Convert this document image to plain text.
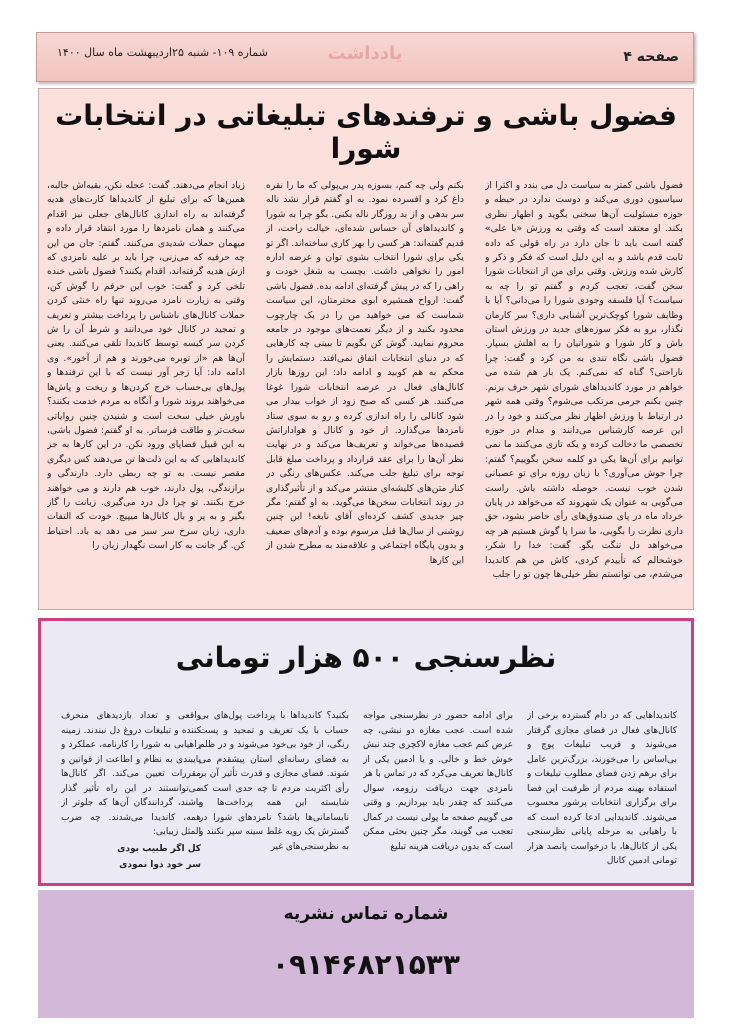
صفحه ۴
یادداشت
شماره ۱۰۹- شنبه ۲۵اردیبهشت ماه سال ۱۴۰۰
فضول باشی و ترفندهای تبلیغاتی در انتخابات شورا

فضول باشی کمتر به سیاست دل می بندد و اکثرا از سیاسیون دوری می‌کند و دوست ندارد در حیطه و حوزه مسئولیت آن‌ها سخنی بگوید و اظهار نظری بکند. او معتقد است که وقتی به ورزش «یا علی» گفته است باید تا جان دارد در راه قولی که داده ثابت قدم باشد و به این دلیل است که فکر و ذکر و کارش شده ورزش. وقتی برای من از انتخابات شورا سخن گفت، تعجب کردم و گفتم تو را چه به سیاست؟ آیا فلسفه وجودی شورا را می‌دانی؟ آیا با وظایف شورا کوچک‌ترین آشنایی داری؟ سر کارمان نگذار، برو به فکر سوزه‌های جدید در ورزش استان باش و کار شورا و شوراتیان را به اهلش بسپار. فضول باشی نگاه تندی به من کرد و گفت: چرا ناراحتی؟ گناه که نمی‌کنم. یک بار هم شده می خواهم در مورد کاندیداهای شورای شهر حرف بزنم. چنین بکنم جرمی مرتکب می‌شوم؟ وقتی همه شهر در ارتباط با ورزش اظهار نظر می‌کنند و خود را در این عرصه کارشناس می‌دانند و مدام در حوزه تخصصی ما دخالت کرده و یکه تازی می‌کنند ما نمی توانیم برای آن‌ها یکی دو کلمه سخن بگوییم؟ گفتم: چرا جوش می‌آوری؟ با زبان روزه برای تو عصبانی شدن خوب نیست. حوصله داشته باش. راست می‌گویی به عنوان یک شهروند که می‌خواهد در پایان خرداد ماه در پای صندوق‌های رأی حاضر بشود، حق داری نظرت را بگویی، ما سرا پا گوش هستیم هر چه می‌خواهد دل تنگت بگو. گفت: خدا را شکر، خوشحالم که تأییدم کردی، کاش من هم کاندیدا می‌شدم، می توانستم نظر خیلی‌ها چون تو را جلب

بکنم ولی چه کنم، بسوزه پدر بی‌پولی که ما را نقره داغ کرد و افسرده نمود. به او گفتم قرار نشد ناله سر بدهی و از بد روزگار ناله بکنی. بگو چرا به شورا و کاندیداهای آن حساس شده‌ای، خیالت راحت، از قدیم گفته‌اند: هر کسی را بهر کاری ساخته‌اند. اگر تو یکی برای شورا انتخاب بشوی توان و عرضه اداره امور را نخواهی داشت. بچسب به شغل خودت و راهی را که در پیش گرفته‌ای ادامه بده. فضول باشی گفت: ارواح همشیره ابوی محترمتان، این سیاست شماست که می خواهید من را در یک چارچوب محدود بکنید و از دیگر نعمت‌های موجود در جامعه محروم نمایید. گوش کن بگویم تا ببینی چه کارهایی که در دنیای انتخابات اتفاق نمی‌افتد. دستمایش را محکم به هم کوبید و ادامه داد: این روزها بازار کانال‌های فعال در عرصه انتخابات شورا غوغا می‌کنند. هر کسی که صبح زود از خواب بیدار می شود کانالی را راه اندازی کرده و رو به سوی ستاد نامزدها می‌گذارد. از خود و کانال و هواداراتش قصیده‌ها می‌خواند و تعریف‌ها می‌کند و در نهایت نظر آن‌ها را برای عقد قرارداد و پرداخت مبلغ قابل توجه برای تبلیغ جلب می‌کند. عکس‌های رنگی در کنار متن‌های کلیشه‌ای منتشر می‌کند و از تأثیرگذاری در روند انتخابات سخن‌ها می‌گوید. به او گفتم: مگر چیز جدیدی کشف کرده‌ای آقای نابغه! این چنین روشنی از سال‌ها قبل مرسوم بوده و آدم‌های ضعیف و بدون پایگاه اجتماعی و علاقه‌مند به مطرح شدن از این کارها

زیاد انجام می‌دهند. گفت: عجله نکن، بقیه‌اش جالبه، همین‌ها که برای تبلیغ از کاندیداها کارت‌های هدیه گرفته‌اند به راه اندازی کانال‌های جعلی نیز اقدام می‌کنند و همان نامزدها را مورد انتقاد قرار داده و میهمان حملات شدیدی می‌کنند. گفتم: جان من این چه حرفیه که می‌زنی، چرا باید بر علیه نامزدی که ازش هدیه گرفته‌اند، اقدام بکنند؟ فضول باشی خنده تلخی کرد و گفت: خوب این حرفم را گوش کن، وقتی به زیارت نامزد می‌روند تنها راه خنثی کردن حملات کانال‌های ناشناس را پرداخت بیشتر و تعریف و تمجید در کانال خود می‌دانند و شرط آن را ش کردن سر کیسه توسط کاندیدا تلقی می‌کنند. یعنی آن‌ها هم «از توبره می‌خورند و هم از آخور». وی ادامه داد: آیا زجر آور نیست که با این ترفندها و پول‌های بی‌حساب خرج کردن‌ها و ریخت و پاش‌ها می‌خواهند بروند شورا و آنگاه به مردم خدمت بکنند؟ باورش خیلی سخت است و شنیدن چنین روایاتی سخت‌تر و طاقت فرساتر. به او گفتم: فضول باشی، به این قبیل فضاپای ورود نکن. در این کارها به جز کاندیداهایی که به این ذلت‌ها تن می‌دهند کس دیگری مقصر نیست. به تو چه ربطی دارد. دارندگی و برازندگی، پول دارند، خوب هم دارند و می خواهند خرج بکنند. تو چرا دل درد می‌گیری. زبانت را گاز بگیر و به پر و بال کانال‌ها میپیچ. خودت که التفات داری، زبان سرخ سر سبز می دهد به باد. احتیاط کن. گر جانت به کار است نگهدار زبان را

نظرسنجی ۵۰۰ هزار تومانی

کاندیداهایی که در دام گسترده برخی از کانال‌های فعال در فضای مجازی گرفتار می‌شوند و فریب تبلیغات پوچ و بی‌اساس را می‌خورند، بزرگ‌ترین عامل برای برهم زدن فضای مطلوب تبلیغات و استفاده بهینه مردم از ظرفیت این فضا برای برگزاری انتخابات پرشور محسوب می‌شوند. کاندیدایی ادعا کرده است که با راهیابی به مرحله پایانی نظرسنجی یکی از کانال‌ها، با درخواست پانصد هزار تومانی ادمین کانال

برای ادامه حضور در نظرسنجی مواجه شده است. عجب مغازه دو نبشی، چه عرض کنم عجب مغازه لاکچری چند نبش خوش خط و خالی. و یا ادمین یکی از کانال‌ها تعریف می‌کرد که در تماس با هر نامزدی جهت دریافت رزومه، سوال می‌کنند که چقدر باید بپردازیم. و وقتی می گوییم صفحه ما پولی نیست در کمال تعجب می گویند، مگر چنین بحثی ممکن است که بدون دریافت هزینه تبلیغ

بکنید؟ کاندیداها با پرداخت پول‌های بی حساب با یک تعریف و تمجید و پست رنگی، از خود بی‌خود می‌شوند و در ظلم به فضای رسانه‌ای استان پیشقدم می شوند. فضای مجازی و قدرت تأثیر آن بر رأی اکثریت مردم تا چه حدی است که شایسته این همه پرداخت‌ها و نابسامانی‌ها باشد؟ نامزدهای شورا در گسترش یک رویه غلط سینه سپر نکنند و به نظرسنجی‌های غیر

واقعی و تعداد بازدیدهای منحرف کننده و تبلیغات دروغ دل نبندند. زمینه راهیابی به شورا را کارنامه، عملکرد و پایبندی به نظام و اطاعت از قوانین و مقررات تعیین می‌کند. اگر کانال‌ها می‌توانستند در این راه تأثیر گذار باشند، گردانندگان آن‌ها که جلوتر از همه، کاندیدا می‌شدند. چه ضرب المثل زیبایی:

کل اگر طبیب بودی

سر خود دوا نمودی

شماره تماس نشریه
۰۹۱۴۶۸۲۱۵۳۳
